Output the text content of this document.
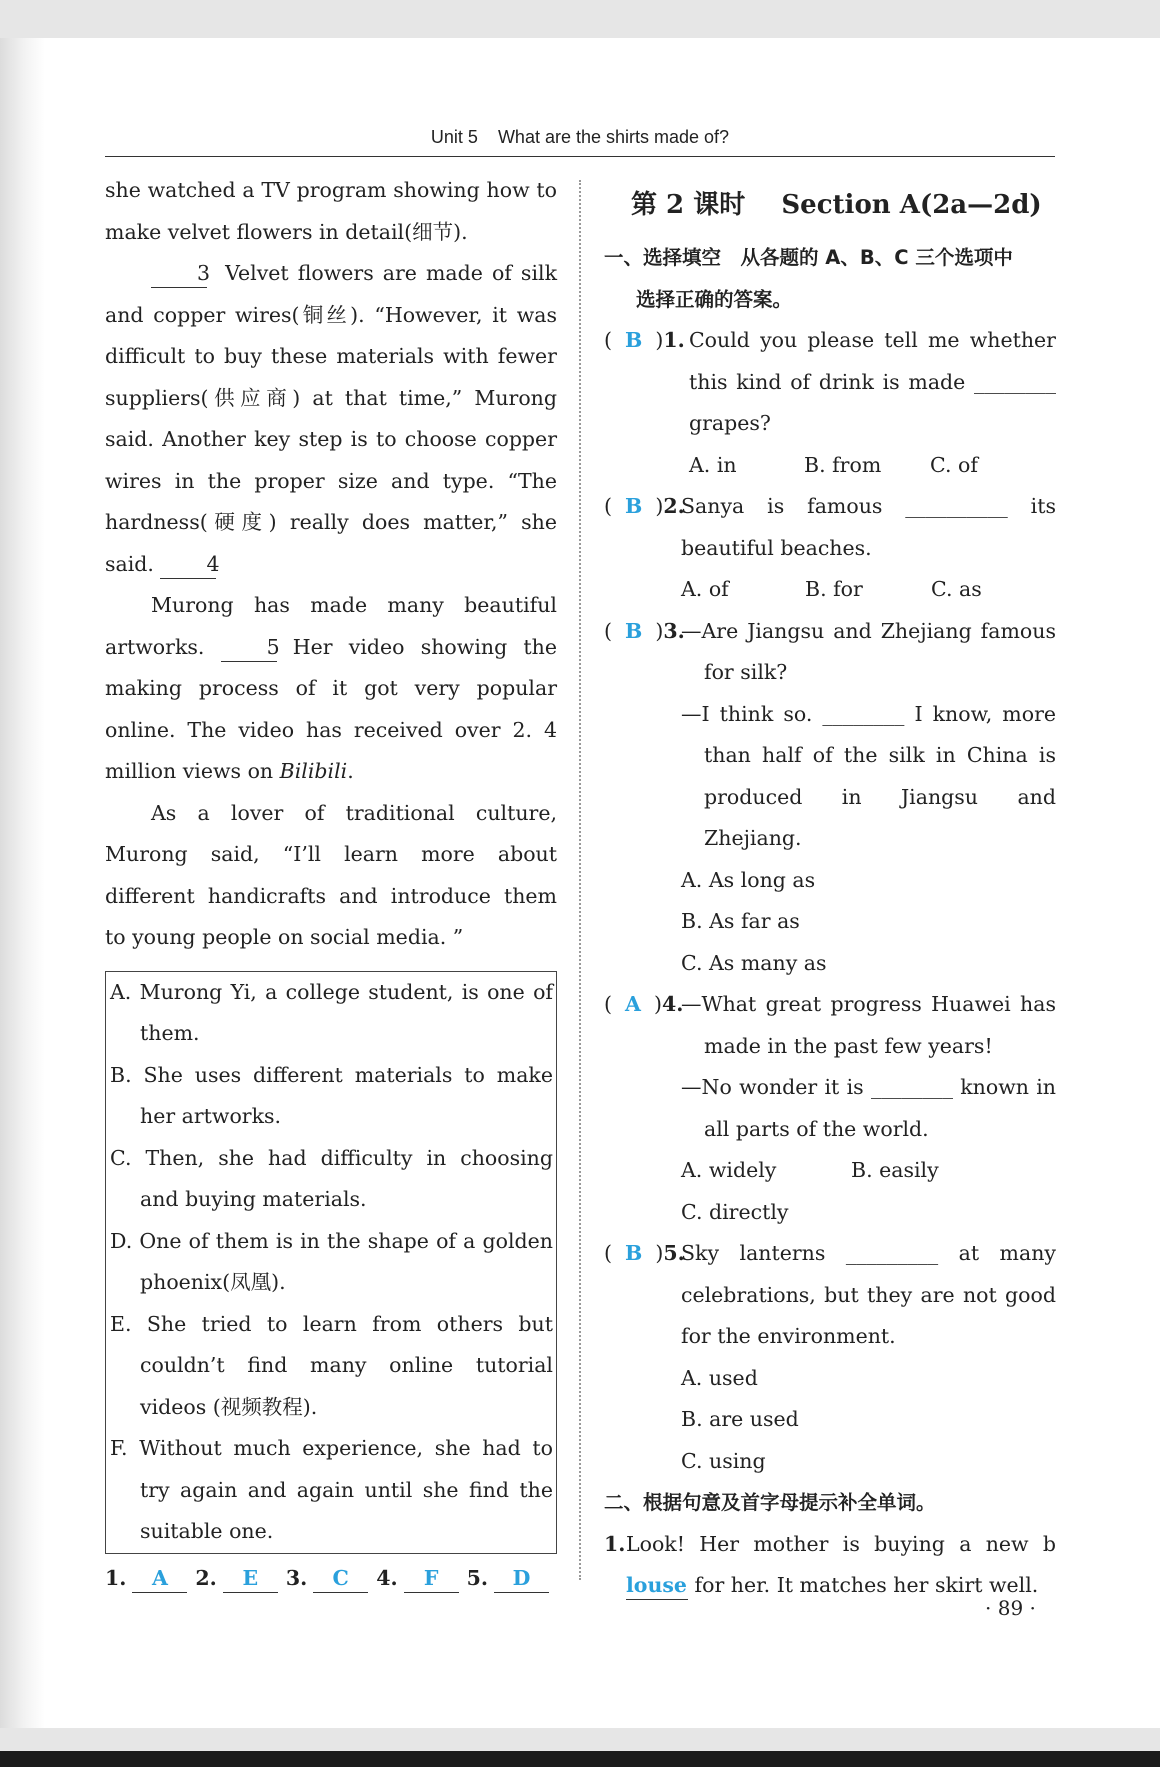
Unit 5    What are the shirts made of?

she watched a TV program showing how to make velvet flowers in detail(细节).

3 Velvet flowers are made of silk and copper wires(铜丝). “However, it was difficult to buy these materials with fewer suppliers(供应商) at that time,” Murong said. Another key step is to choose copper wires in the proper size and type. “The hardness(硬度) really does matter,” she said.	4

Murong has made many beautiful artworks.	5 Her video showing the making process of it got very popular online. The video has received over 2. 4 million views on Bilibili.

As a lover of traditional culture, Murong said, “I’ll learn more about different handicrafts and introduce them to young people on social media. ”

A. Murong Yi, a college student, is one of them.

B. She uses different materials to make her artworks.

C. Then, she had difficulty in choosing and buying materials.

D. One of them is in the shape of a golden phoenix(凤凰).

E. She tried to learn from others but couldn’t find many online tutorial videos (视频教程).

F. Without much experience, she had to try again and again until she find the suitable one.

1.	A	2.	E	3.	C	4.	F	5.	D
第 2 课时    Section A(2a—2d)
一、选择填空　从各题的 A、B、C 三个选项中
选择正确的答案。
(  B  )1. Could you please tell me whether this kind of drink is made ________ grapes?

A. in	B. from C. of
(  B  )2.

Sanya is famous __________ its beautiful beaches.

A. of	B. for	C. as
(  B  )3.

—Are Jiangsu and Zhejiang famous for silk?

—I think so. ________ I know, more than half of the silk in China is produced in Jiangsu and Zhejiang.

A. As long as
B. As far as
C. As many as
(  A  )4.

—What great progress Huawei has made in the past few years!

—No wonder it is ________ known in all parts of the world.

A. widely	B. easily
C. directly
(  B  )5.

Sky lanterns _________ at many celebrations, but they are not good for the environment.

A. used
B. are used
C. using
二、根据句意及首字母提示补全单词。
1. Look! Her mother is buying a new blouse for her. It matches her skirt well.

· 89 ·
